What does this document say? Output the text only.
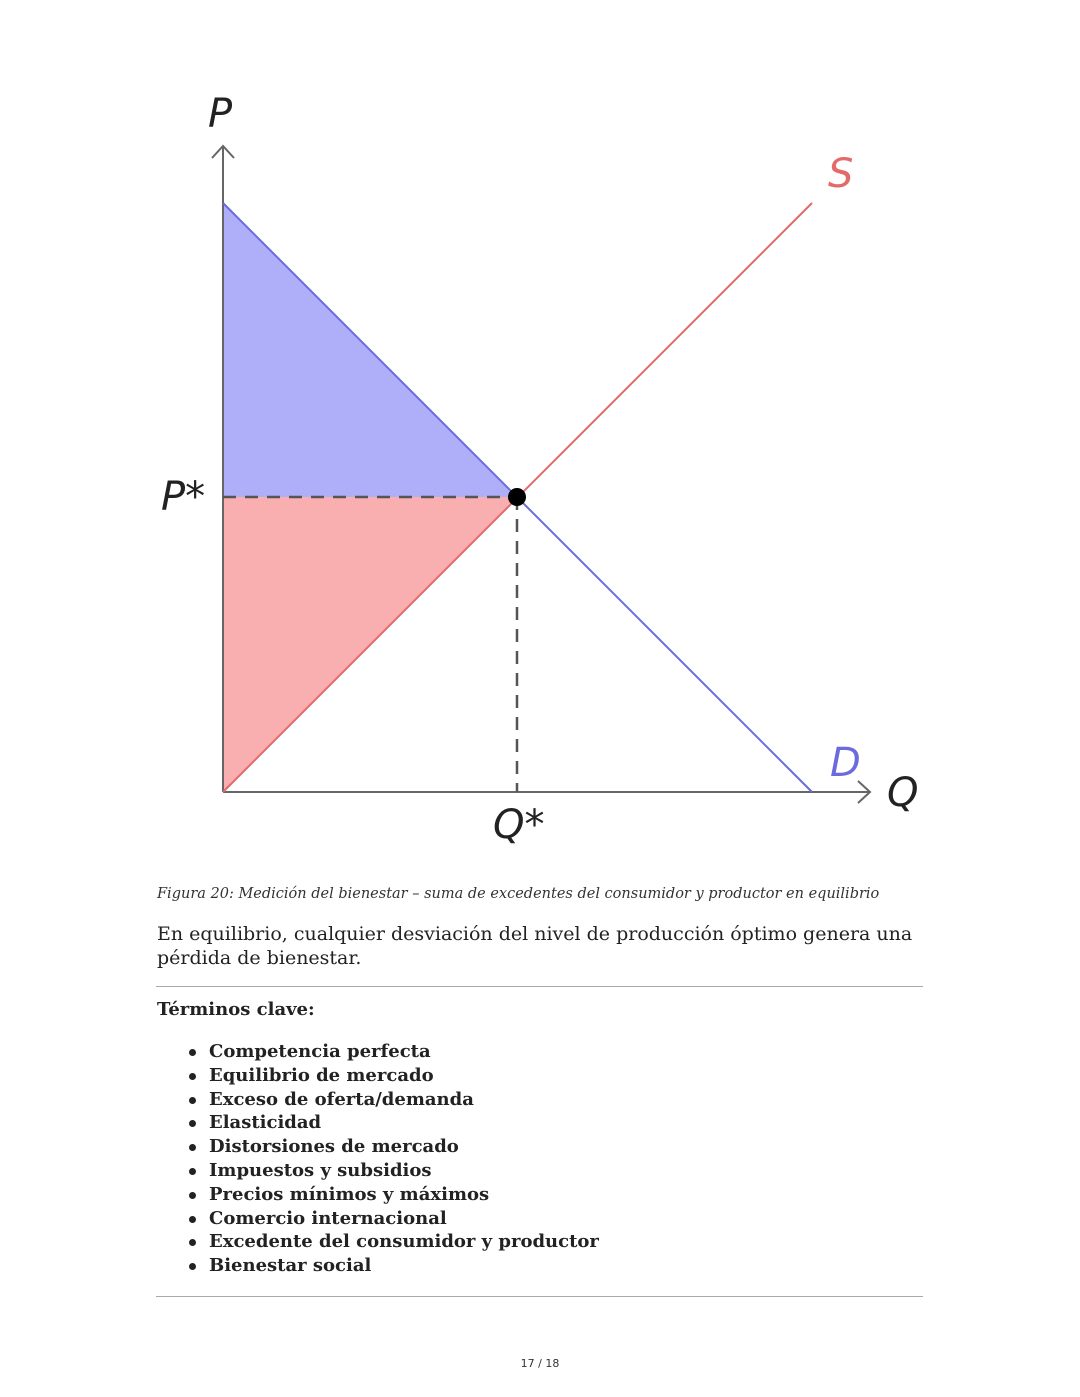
P
Q
S
D
P*
Q*
Figura 20: Medición del bienestar – suma de excedentes del consumidor y productor en equilibrio
En equilibrio, cualquier desviación del nivel de producción óptimo genera una pérdida de bienestar.
Términos clave:
Competencia perfecta
Equilibrio de mercado
Exceso de oferta/demanda
Elasticidad
Distorsiones de mercado
Impuestos y subsidios
Precios mínimos y máximos
Comercio internacional
Excedente del consumidor y productor
Bienestar social
17 / 18
